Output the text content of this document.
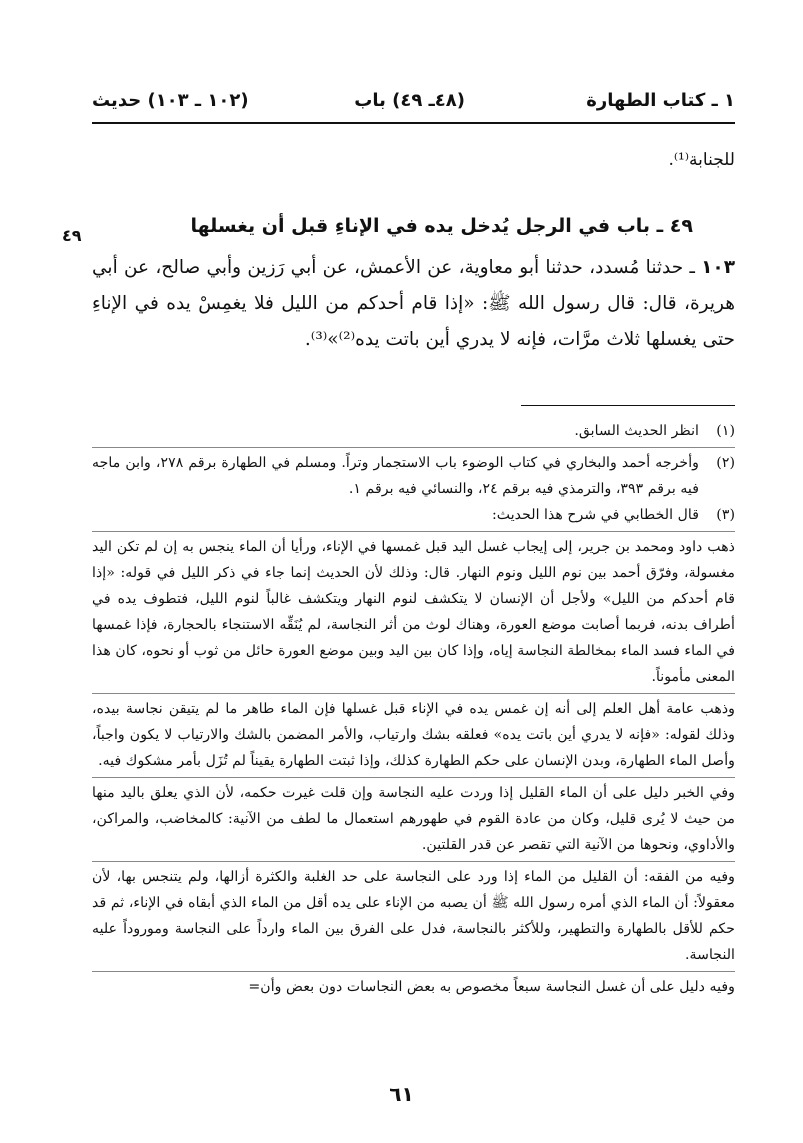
١ ـ كتاب الطهارة
(٤٨ـ ٤٩) باب
(١٠٢ ـ ١٠٣) حديث
للجنابة⁽¹⁾.
٤٩	٤٩ ـ باب في الرجل يُدخل يده في الإناءِ قبل أن يغسلها
١٠٣ ـ حدثنا مُسدد، حدثنا أبو معاوية، عن الأعمش، عن أبي رَزين وأبي صالح، عن أبي هريرة، قال: قال رسول الله ﷺ: «إذا قام أحدكم من الليل فلا يغمِسْ يده في الإناءِ حتى يغسلها ثلاث مرَّات، فإنه لا يدري أين باتت يده⁽²⁾»⁽³⁾.
(١)
انظر الحديث السابق.
(٢)
وأخرجه أحمد والبخاري في كتاب الوضوء باب الاستجمار وتراً. ومسلم في الطهارة برقم ٢٧٨، وابن ماجه فيه برقم ٣٩٣، والترمذي فيه برقم ٢٤، والنسائي فيه برقم ١.
(٣)
قال الخطابي في شرح هذا الحديث:

ذهب داود ومحمد بن جرير، إلى إيجاب غسل اليد قبل غمسها في الإناء، ورأيا أن الماء ينجس به إن لم تكن اليد مغسولة، وفرّق أحمد بين نوم الليل ونوم النهار. قال: وذلك لأن الحديث إنما جاء في ذكر الليل في قوله: «إذا قام أحدكم من الليل» ولأجل أن الإنسان لا يتكشف لنوم النهار ويتكشف غالباً لنوم الليل، فتطوف يده في أطراف بدنه، فربما أصابت موضع العورة، وهناك لوث من أثر النجاسة، لم يُنَقِّه الاستنجاء بالحجارة، فإذا غمسها في الماء فسد الماء بمخالطة النجاسة إياه، وإذا كان بين اليد وبين موضع العورة حائل من ثوب أو نحوه، كان هذا المعنى مأموناً.

وذهب عامة أهل العلم إلى أنه إن غمس يده في الإناء قبل غسلها فإن الماء طاهر ما لم يتيقن نجاسة بيده، وذلك لقوله: «فإنه لا يدري أين باتت يده» فعلقه بشك وارتياب، والأمر المضمن بالشك والارتياب لا يكون واجباً، وأصل الماء الطهارة، وبدن الإنسان على حكم الطهارة كذلك، وإذا ثبتت الطهارة يقيناً لم تُزَل بأمر مشكوك فيه.

وفي الخبر دليل على أن الماء القليل إذا وردت عليه النجاسة وإن قلت غيرت حكمه، لأن الذي يعلق باليد منها من حيث لا يُرى قليل، وكان من عادة القوم في طهورهم استعمال ما لطف من الآنية: كالمخاضب، والمراكن، والأداوي، ونحوها من الآنية التي تقصر عن قدر القلتين.

وفيه من الفقه: أن القليل من الماء إذا ورد على النجاسة على حد الغلبة والكثرة أزالها، ولم يتنجس بها، لأن معقولاً: أن الماء الذي أمره رسول الله ﷺ أن يصبه من الإناء على يده أقل من الماء الذي أبقاه في الإناء، ثم قد حكم للأقل بالطهارة والتطهير، وللأكثر بالنجاسة، فدل على الفرق بين الماء وارداً على النجاسة وموروداً عليه النجاسة.

وفيه دليل على أن غسل النجاسة سبعاً مخصوص به بعض النجاسات دون بعض وأن=

٦١
